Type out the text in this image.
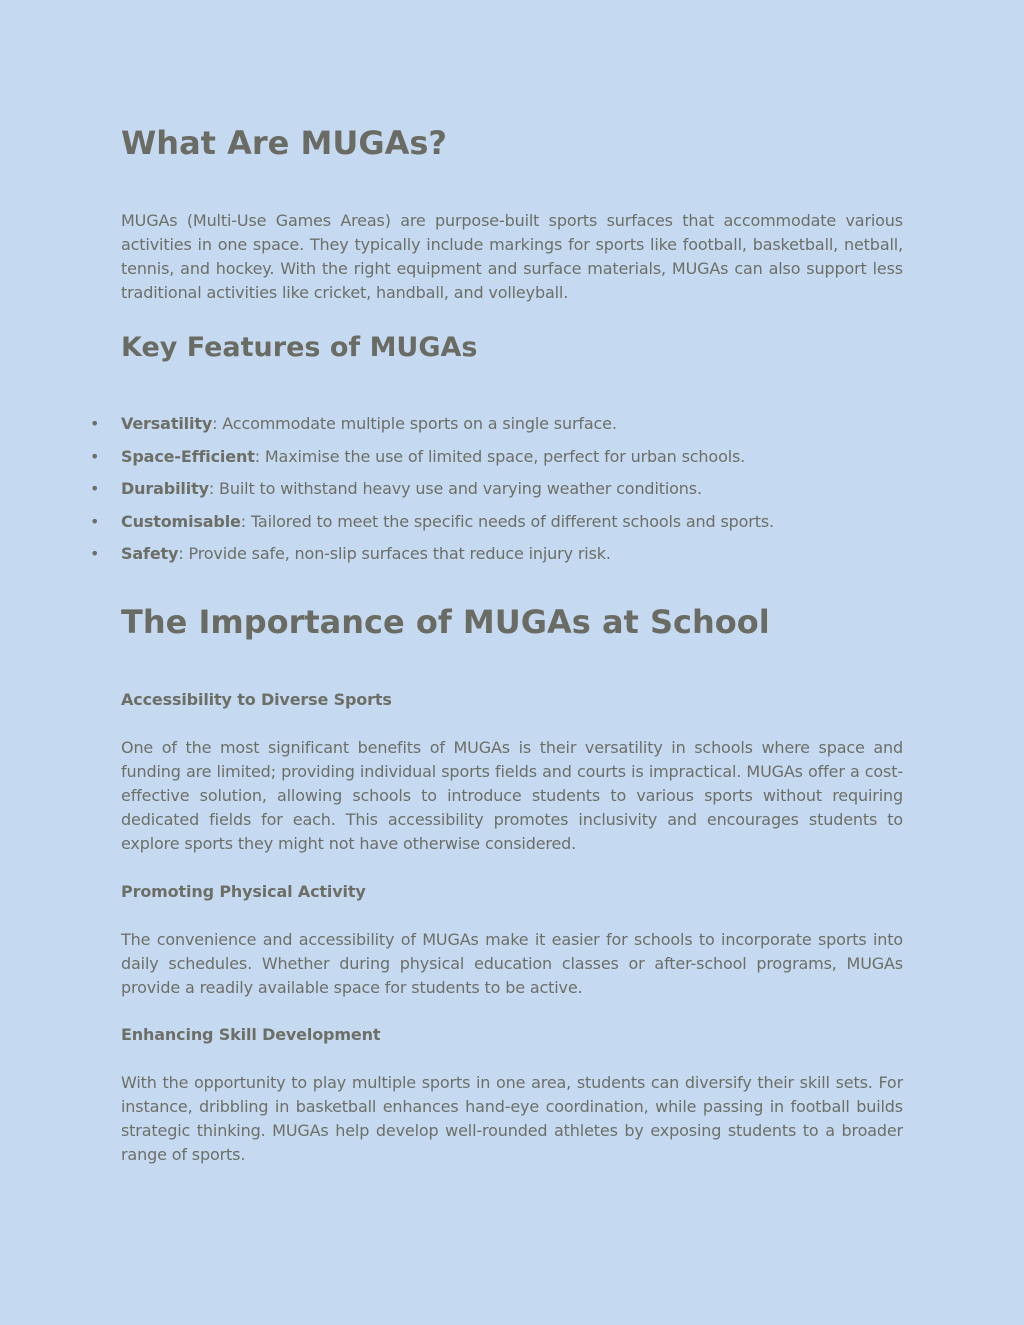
What Are MUGAs?

MUGAs (Multi-Use Games Areas) are purpose-built sports surfaces that accommodate various activities in one space. They typically include markings for sports like football, basketball, netball, tennis, and hockey. With the right equipment and surface materials, MUGAs can also support less traditional activities like cricket, handball, and volleyball.

Key Features of MUGAs
• Versatility: Accommodate multiple sports on a single surface.
• Space-Efficient: Maximise the use of limited space, perfect for urban schools.
• Durability: Built to withstand heavy use and varying weather conditions.
• Customisable: Tailored to meet the specific needs of different schools and sports.
• Safety: Provide safe, non-slip surfaces that reduce injury risk.
The Importance of MUGAs at School
Accessibility to Diverse Sports

One of the most significant benefits of MUGAs is their versatility in schools where space and funding are limited; providing individual sports fields and courts is impractical. MUGAs offer a cost-effective solution, allowing schools to introduce students to various sports without requiring dedicated fields for each. This accessibility promotes inclusivity and encourages students to explore sports they might not have otherwise considered.

Promoting Physical Activity

The convenience and accessibility of MUGAs make it easier for schools to incorporate sports into daily schedules. Whether during physical education classes or after-school programs, MUGAs provide a readily available space for students to be active.

Enhancing Skill Development

With the opportunity to play multiple sports in one area, students can diversify their skill sets. For instance, dribbling in basketball enhances hand-eye coordination, while passing in football builds strategic thinking. MUGAs help develop well-rounded athletes by exposing students to a broader range of sports.
